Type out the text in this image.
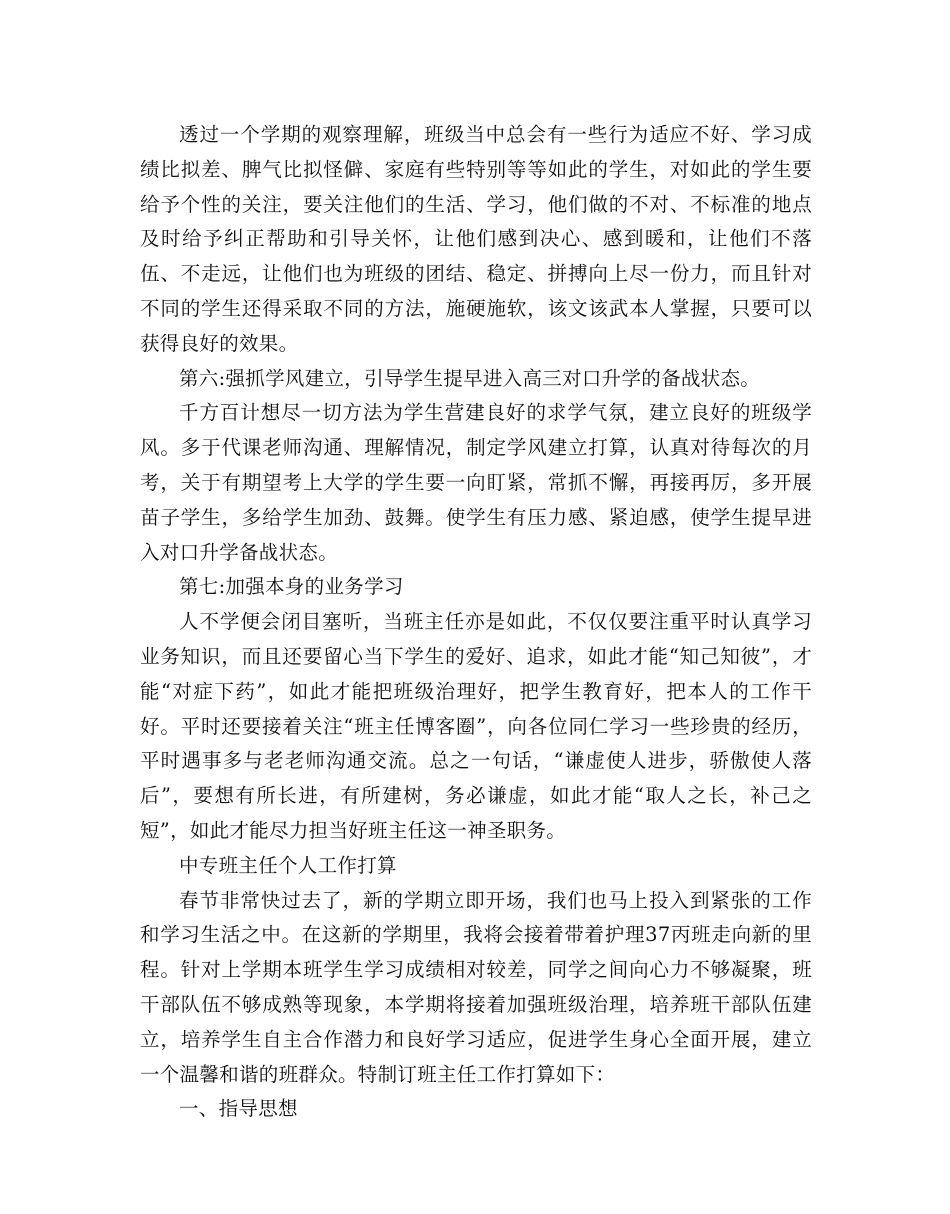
透过一个学期的观察理解，班级当中总会有一些行为适应不好、学习成绩比拟差、脾气比拟怪僻、家庭有些特别等等如此的学生，对如此的学生要给予个性的关注，要关注他们的生活、学习，他们做的不对、不标准的地点及时给予纠正帮助和引导关怀，让他们感到决心、感到暖和，让他们不落伍、不走远，让他们也为班级的团结、稳定、拼搏向上尽一份力，而且针对不同的学生还得采取不同的方法，施硬施软，该文该武本人掌握，只要可以获得良好的效果。

第六:强抓学风建立，引导学生提早进入高三对口升学的备战状态。

千方百计想尽一切方法为学生营建良好的求学气氛，建立良好的班级学风。多于代课老师沟通、理解情况，制定学风建立打算，认真对待每次的月考，关于有期望考上大学的学生要一向盯紧，常抓不懈，再接再厉，多开展苗子学生，多给学生加劲、鼓舞。使学生有压力感、紧迫感，使学生提早进入对口升学备战状态。

第七:加强本身的业务学习

人不学便会闭目塞听，当班主任亦是如此，不仅仅要注重平时认真学习业务知识，而且还要留心当下学生的爱好、追求，如此才能“知己知彼”，才能“对症下药”，如此才能把班级治理好，把学生教育好，把本人的工作干好。平时还要接着关注“班主任博客圈”，向各位同仁学习一些珍贵的经历，平时遇事多与老老师沟通交流。总之一句话，“谦虚使人进步，骄傲使人落后”，要想有所长进，有所建树，务必谦虚，如此才能“取人之长，补己之短”，如此才能尽力担当好班主任这一神圣职务。

中专班主任个人工作打算

春节非常快过去了，新的学期立即开场，我们也马上投入到紧张的工作和学习生活之中。在这新的学期里，我将会接着带着护理37丙班走向新的里程。针对上学期本班学生学习成绩相对较差，同学之间向心力不够凝聚，班干部队伍不够成熟等现象，本学期将接着加强班级治理，培养班干部队伍建立，培养学生自主合作潜力和良好学习适应，促进学生身心全面开展，建立一个温馨和谐的班群众。特制订班主任工作打算如下：

一、指导思想
